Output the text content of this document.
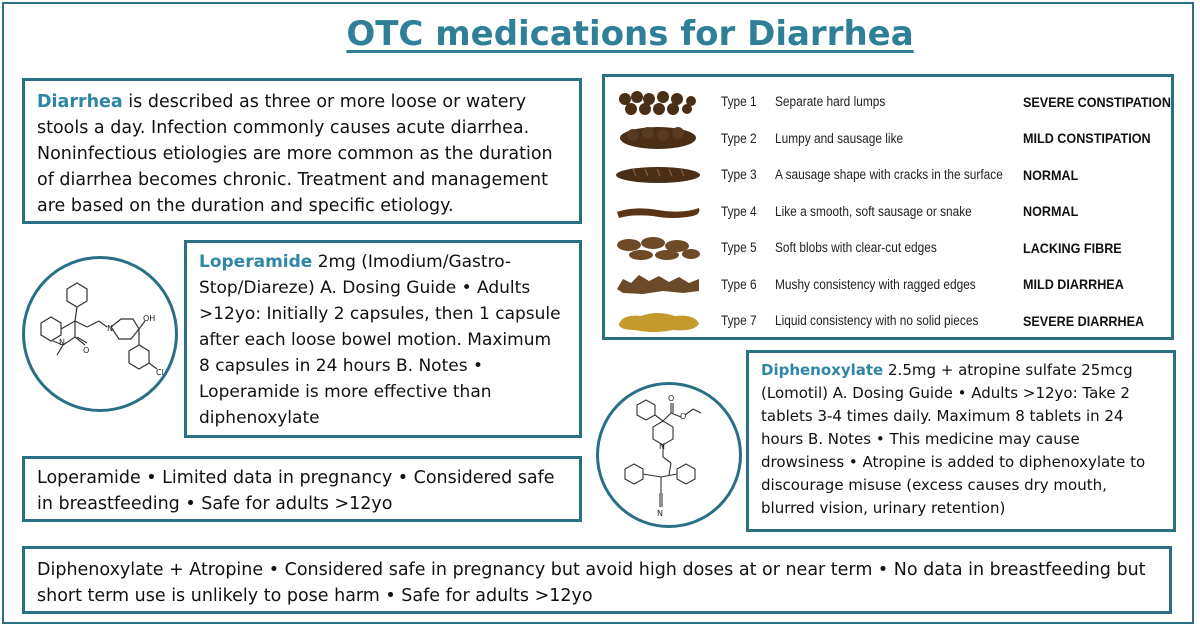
OTC medications for Diarrhea
Diarrhea is described as three or more loose or watery stools a day. Infection commonly causes acute diarrhea. Noninfectious etiologies are more common as the duration of diarrhea becomes chronic. Treatment and management are based on the duration and specific etiology.
N
OH
Cl
O
N
Loperamide 2mg (Imodium/Gastro-Stop/Diareze) A. Dosing Guide • Adults >12yo: Initially 2 capsules, then 1 capsule after each loose bowel motion. Maximum 8 capsules in 24 hours B. Notes • Loperamide is more effective than diphenoxylate
Loperamide • Limited data in pregnancy • Considered safe in breastfeeding • Safe for adults >12yo
Type 1 Separate hard lumps	SEVERE CONSTIPATION
Type 2 Lumpy and sausage like	MILD CONSTIPATION
Type 3 A sausage shape with cracks in the surface NORMAL
Type 4 Like a smooth, soft sausage or snake	NORMAL
Type 5 Soft blobs with clear-cut edges	LACKING FIBRE
Type 6 Mushy consistency with ragged edges	MILD DIARRHEA
Type 7 Liquid consistency with no solid pieces	SEVERE DIARRHEA
N
O
O
N
Diphenoxylate 2.5mg + atropine sulfate 25mcg (Lomotil) A. Dosing Guide • Adults >12yo: Take 2 tablets 3-4 times daily. Maximum 8 tablets in 24 hours B. Notes • This medicine may cause drowsiness • Atropine is added to diphenoxylate to discourage misuse (excess causes dry mouth, blurred vision, urinary retention)
Diphenoxylate + Atropine • Considered safe in pregnancy but avoid high doses at or near term • No data in breastfeeding but short term use is unlikely to pose harm • Safe for adults >12yo
